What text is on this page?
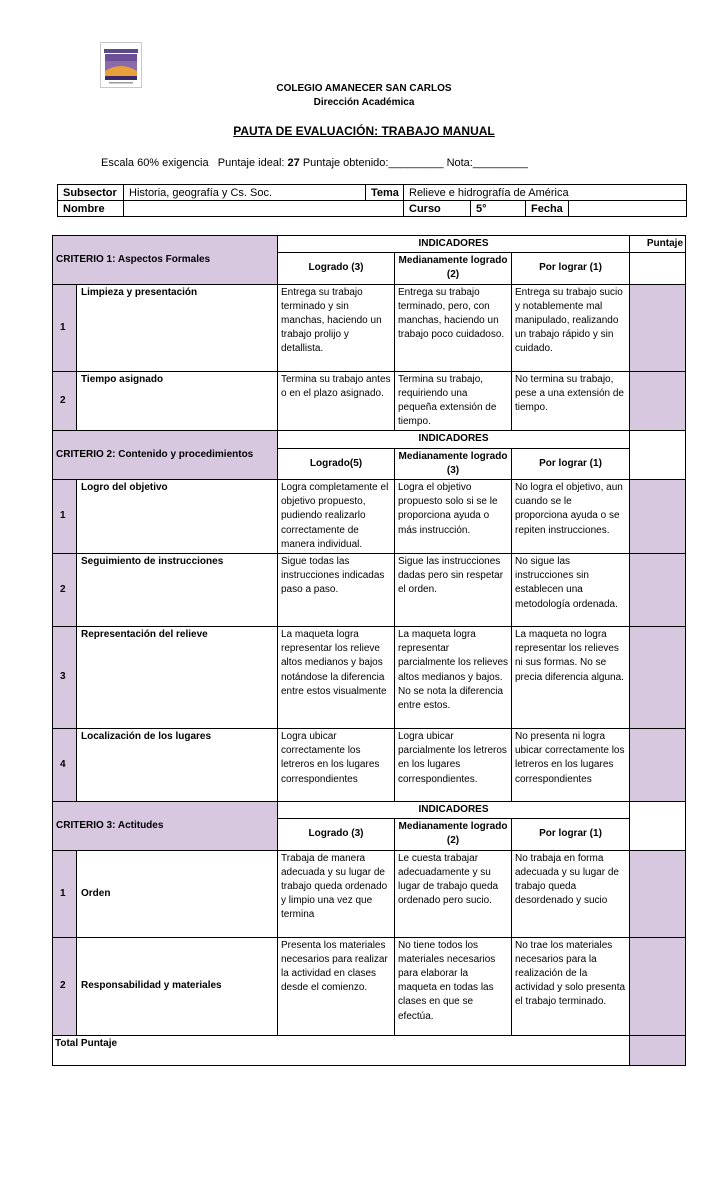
COLEGIO AMANECER SAN CARLOS
Dirección Académica
PAUTA DE EVALUACIÓN: TRABAJO MANUAL
Escala 60% exigencia   Puntaje ideal: 27 Puntaje obtenido:_________ Nota:_________
Subsector	Historia, geografía y Cs. Soc.	Tema	Relieve e hidrografía de América			
Nombre			Curso	5°	Fecha	
CRITERIO 1: Aspectos Formales		INDICADORES			Puntaje
		Logrado (3)	Medianamente logrado (2)	Por lograr (1)	
1	Limpieza y presentación	Entrega su trabajo terminado y sin manchas, haciendo un trabajo prolijo y detallista.	Entrega su trabajo terminado, pero, con manchas, haciendo un trabajo poco cuidadoso.	Entrega su trabajo sucio y notablemente mal manipulado, realizando un trabajo rápido y sin cuidado.	
2	Tiempo asignado	Termina su trabajo antes o en el plazo asignado.	Termina su trabajo, requiriendo una pequeña extensión de tiempo.	No termina su trabajo, pese a una extensión de tiempo.	
CRITERIO 2: Contenido y procedimientos		INDICADORES			
		Logrado(5)	Medianamente logrado (3)	Por lograr (1)	
1	Logro del objetivo	Logra completamente el objetivo propuesto, pudiendo realizarlo correctamente de manera individual.	Logra el objetivo propuesto solo si se le proporciona ayuda o más instrucción.	No logra el objetivo, aun cuando se le proporciona ayuda o se repiten instrucciones.	
2	Seguimiento de instrucciones	Sigue todas las instrucciones indicadas paso a paso.	Sigue las instrucciones dadas pero sin respetar el orden.	No sigue las instrucciones sin establecen una metodología ordenada.	
3	Representación del relieve	La maqueta logra representar los relieve altos medianos y bajos notándose la diferencia entre estos visualmente	La maqueta logra representar parcialmente los relieves altos medianos y bajos. No se nota la diferencia entre estos.	La maqueta no logra representar los relieves ni sus formas. No se precia diferencia alguna.	
4	Localización de los lugares	Logra ubicar correctamente los letreros en los lugares correspondientes	Logra ubicar parcialmente los letreros en los lugares correspondientes.	No presenta ni logra ubicar correctamente los letreros en los lugares correspondientes	
CRITERIO 3: Actitudes		INDICADORES			
		Logrado (3)	Medianamente logrado (2)	Por lograr (1)	
1	Orden	Trabaja de manera adecuada y su lugar de trabajo queda ordenado y limpio una vez que termina	Le cuesta trabajar adecuadamente y su lugar de trabajo queda ordenado pero sucio.	No trabaja en forma adecuada y su lugar de trabajo queda desordenado y sucio	
2	Responsabilidad y materiales	Presenta los materiales necesarios para realizar la actividad en clases desde el comienzo.	No tiene todos los materiales necesarios para elaborar la maqueta en todas las clases en que se efectúa.	No trae los materiales necesarios para la realización de la actividad y solo presenta el trabajo terminado.	
Total Puntaje					
